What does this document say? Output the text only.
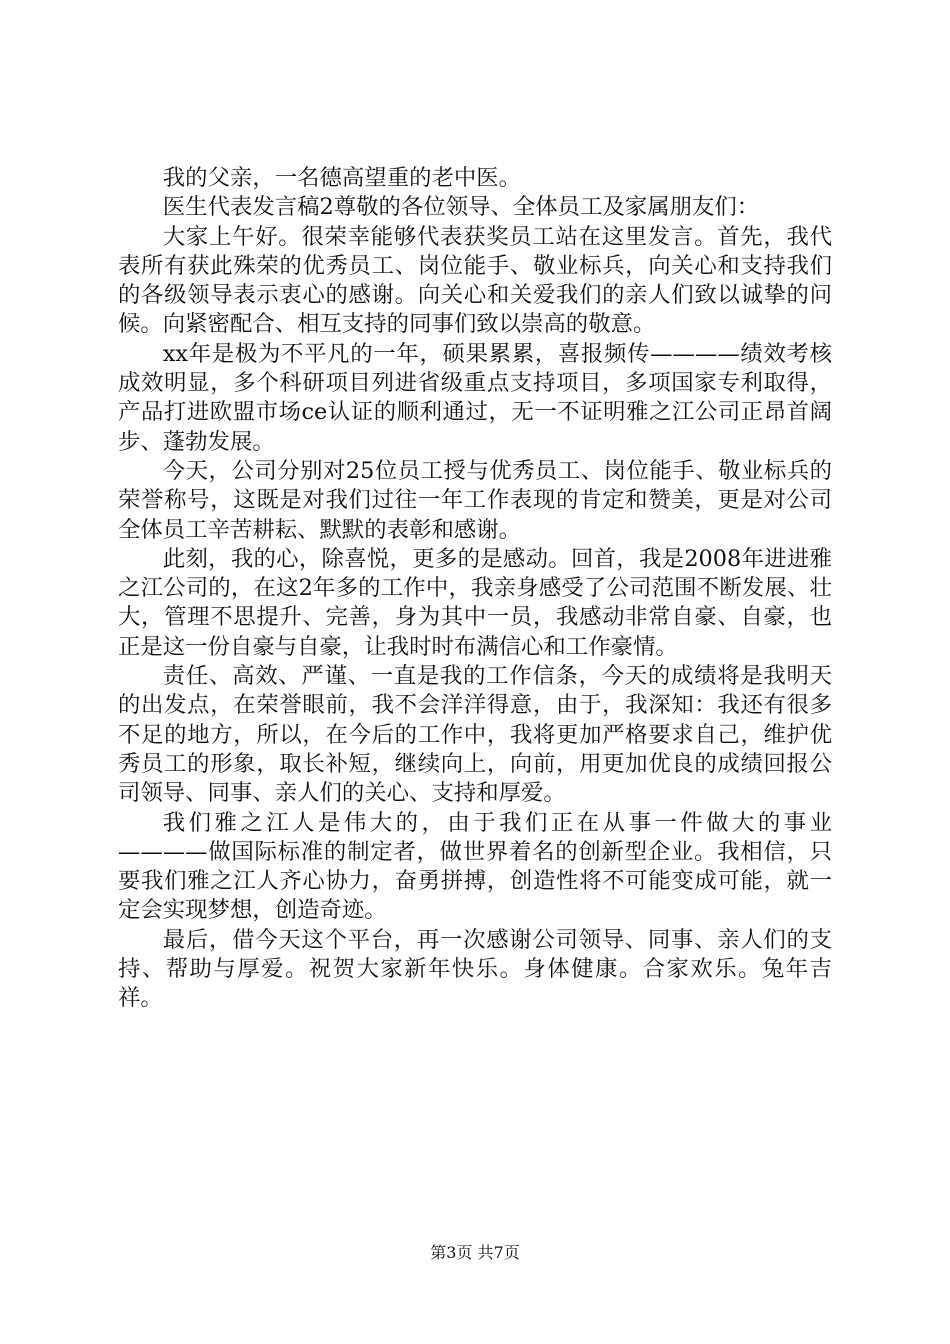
我的父亲，一名德高望重的老中医。

医生代表发言稿2尊敬的各位领导、全体员工及家属朋友们：

大家上午好。很荣幸能够代表获奖员工站在这里发言。首先，我代表所有获此殊荣的优秀员工、岗位能手、敬业标兵，向关心和支持我们的各级领导表示衷心的感谢。向关心和关爱我们的亲人们致以诚挚的问候。向紧密配合、相互支持的同事们致以崇高的敬意。

xx年是极为不平凡的一年，硕果累累，喜报频传————绩效考核成效明显，多个科研项目列进省级重点支持项目，多项国家专利取得，产品打进欧盟市场ce认证的顺利通过，无一不证明雅之江公司正昂首阔步、蓬勃发展。

今天，公司分别对25位员工授与优秀员工、岗位能手、敬业标兵的荣誉称号，这既是对我们过往一年工作表现的肯定和赞美，更是对公司全体员工辛苦耕耘、默默的表彰和感谢。

此刻，我的心，除喜悦，更多的是感动。回首，我是2008年进进雅之江公司的，在这2年多的工作中，我亲身感受了公司范围不断发展、壮大，管理不思提升、完善，身为其中一员，我感动非常自豪、自豪，也正是这一份自豪与自豪，让我时时布满信心和工作豪情。

责任、高效、严谨、一直是我的工作信条，今天的成绩将是我明天的出发点，在荣誉眼前，我不会洋洋得意，由于，我深知：我还有很多不足的地方，所以，在今后的工作中，我将更加严格要求自己，维护优秀员工的形象，取长补短，继续向上，向前，用更加优良的成绩回报公司领导、同事、亲人们的关心、支持和厚爱。

我们雅之江人是伟大的，由于我们正在从事一件做大的事业————做国际标准的制定者，做世界着名的创新型企业。我相信，只要我们雅之江人齐心协力，奋勇拼搏，创造性将不可能变成可能，就一定会实现梦想，创造奇迹。

最后，借今天这个平台，再一次感谢公司领导、同事、亲人们的支持、帮助与厚爱。祝贺大家新年快乐。身体健康。合家欢乐。兔年吉祥。

第3页 共7页
